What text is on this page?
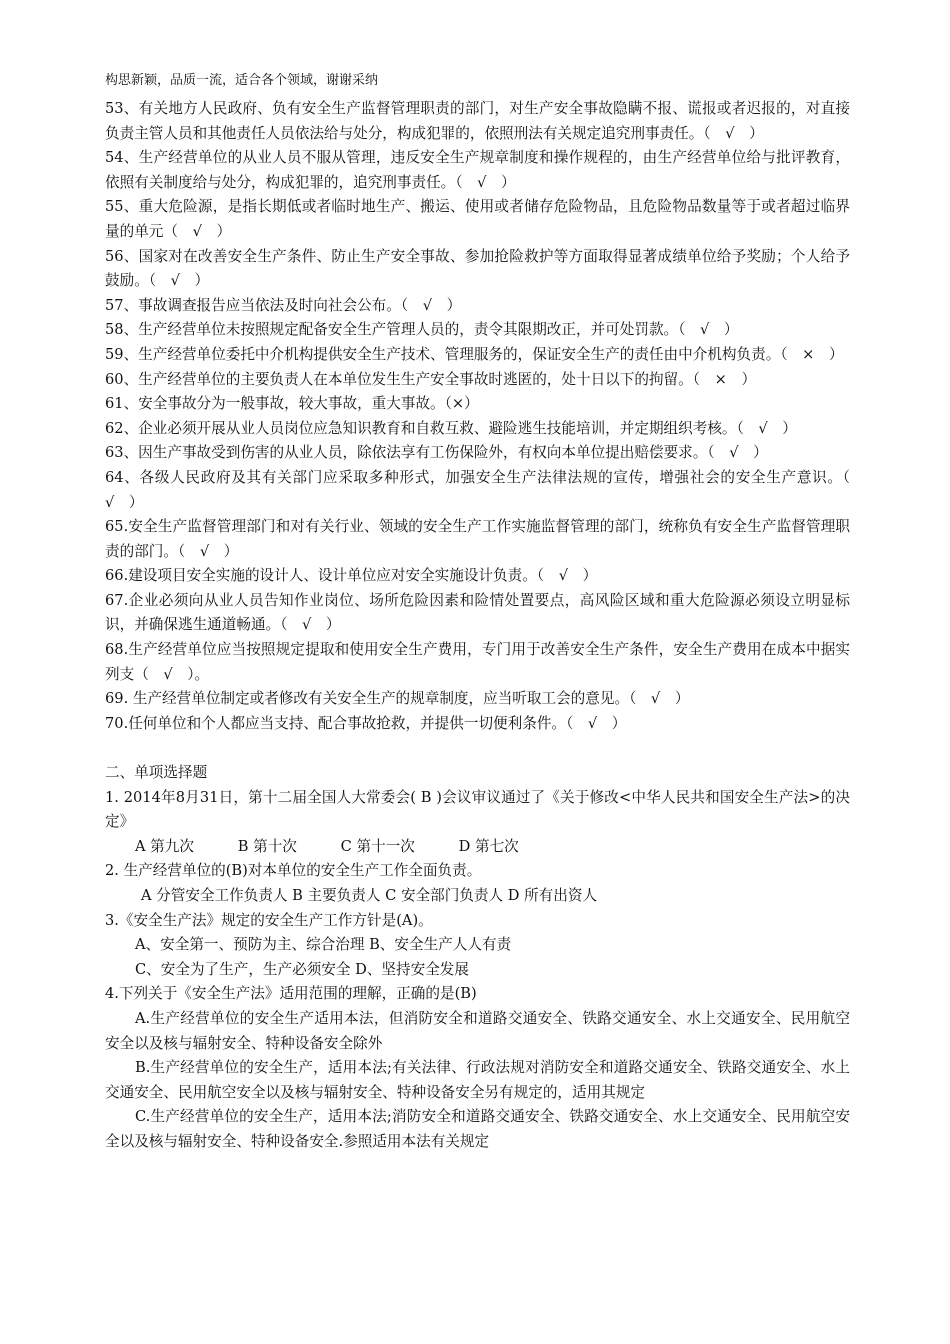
构思新颖，品质一流，适合各个领域，谢谢采纳

53、有关地方人民政府、负有安全生产监督管理职责的部门，对生产安全事故隐瞒不报、谎报或者迟报的，对直接负责主管人员和其他责任人员依法给与处分，构成犯罪的，依照刑法有关规定追究刑事责任。（　√　）

54、生产经营单位的从业人员不服从管理，违反安全生产规章制度和操作规程的，由生产经营单位给与批评教育，依照有关制度给与处分，构成犯罪的，追究刑事责任。（　√　）

55、重大危险源，是指长期低或者临时地生产、搬运、使用或者储存危险物品，且危险物品数量等于或者超过临界量的单元（　√　）

56、国家对在改善安全生产条件、防止生产安全事故、参加抢险救护等方面取得显著成绩单位给予奖励；个人给予鼓励。（　√　）

57、事故调查报告应当依法及时向社会公布。（　√　）

58、生产经营单位未按照规定配备安全生产管理人员的，责令其限期改正，并可处罚款。（　√　）

59、生产经营单位委托中介机构提供安全生产技术、管理服务的，保证安全生产的责任由中介机构负责。（　×　）

60、生产经营单位的主要负责人在本单位发生生产安全事故时逃匿的，处十日以下的拘留。（　×　）

61、安全事故分为一般事故，较大事故，重大事故。（×）

62、企业必须开展从业人员岗位应急知识教育和自救互救、避险逃生技能培训，并定期组织考核。（　√　）

63、因生产事故受到伤害的从业人员，除依法享有工伤保险外，有权向本单位提出赔偿要求。（　√　）

64、各级人民政府及其有关部门应采取多种形式，加强安全生产法律法规的宣传，增强社会的安全生产意识。（　√　）

65.安全生产监督管理部门和对有关行业、领域的安全生产工作实施监督管理的部门，统称负有安全生产监督管理职责的部门。（　√　）

66.建设项目安全实施的设计人、设计单位应对安全实施设计负责。（　√　）

67.企业必须向从业人员告知作业岗位、场所危险因素和险情处置要点，高风险区域和重大危险源必须设立明显标识，并确保逃生通道畅通。（　√　）

68.生产经营单位应当按照规定提取和使用安全生产费用，专门用于改善安全生产条件，安全生产费用在成本中据实列支（　√　）。

69. 生产经营单位制定或者修改有关安全生产的规章制度，应当听取工会的意见。（　√　）

70.任何单位和个人都应当支持、配合事故抢救，并提供一切便利条件。（　√　）

二、单项选择题

1. 2014年8月31日，第十二届全国人大常委会( B )会议审议通过了《关于修改<中华人民共和国安全生产法>的决定》

A 第九次　　　B 第十次　　　C 第十一次　　　D 第七次

2. 生产经营单位的(B)对本单位的安全生产工作全面负责。

A 分管安全工作负责人 B 主要负责人 C 安全部门负责人 D 所有出资人

3.《安全生产法》规定的安全生产工作方针是(A)。

A、安全第一、预防为主、综合治理 B、安全生产人人有责

C、安全为了生产，生产必须安全 D、坚持安全发展

4.下列关于《安全生产法》适用范围的理解，正确的是(B)

A.生产经营单位的安全生产适用本法，但消防安全和道路交通安全、铁路交通安全、水上交通安全、民用航空安全以及核与辐射安全、特种设备安全除外

B.生产经营单位的安全生产，适用本法;有关法律、行政法规对消防安全和道路交通安全、铁路交通安全、水上交通安全、民用航空安全以及核与辐射安全、特种设备安全另有规定的，适用其规定

C.生产经营单位的安全生产，适用本法;消防安全和道路交通安全、铁路交通安全、水上交通安全、民用航空安全以及核与辐射安全、特种设备安全.参照适用本法有关规定
